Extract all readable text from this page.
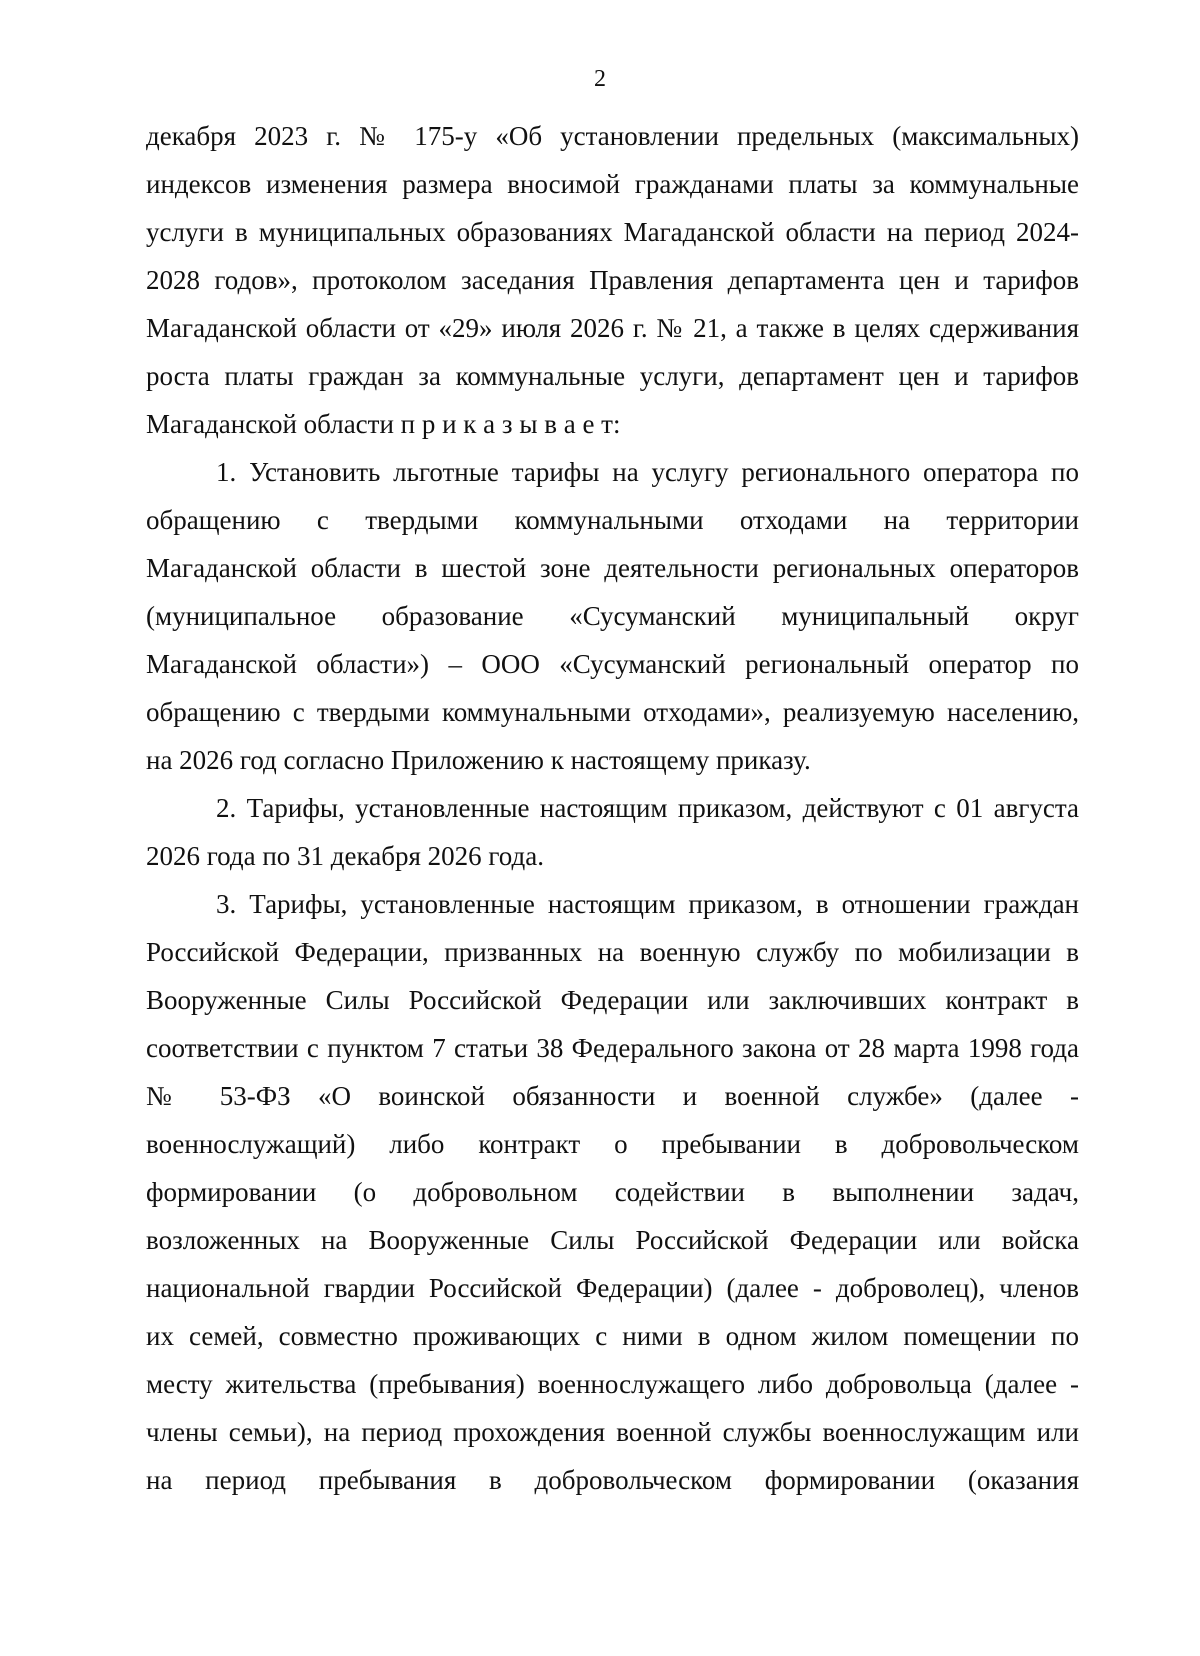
2
декабря 2023 г. № 175-у «Об установлении предельных (максимальных)
индексов изменения размера вносимой гражданами платы за коммунальные
услуги в муниципальных образованиях Магаданской области на период 2024-
2028 годов», протоколом заседания Правления департамента цен и тарифов
Магаданской области от «29» июля 2026 г. № 21, а также в целях сдерживания
роста платы граждан за коммунальные услуги, департамент цен и тарифов
Магаданской области п р и к а з ы в а е т:
1. Установить льготные тарифы на услугу регионального оператора по
обращению с твердыми коммунальными отходами на территории
Магаданской области в шестой зоне деятельности региональных операторов
(муниципальное образование «Сусуманский муниципальный округ
Магаданской области») – ООО «Сусуманский региональный оператор по
обращению с твердыми коммунальными отходами», реализуемую населению,
на 2026 год согласно Приложению к настоящему приказу.
2. Тарифы, установленные настоящим приказом, действуют с 01 августа
2026 года по 31 декабря 2026 года.
3. Тарифы, установленные настоящим приказом, в отношении граждан
Российской Федерации, призванных на военную службу по мобилизации в
Вооруженные Силы Российской Федерации или заключивших контракт в
соответствии с пунктом 7 статьи 38 Федерального закона от 28 марта 1998 года
№ 53-ФЗ «О воинской обязанности и военной службе» (далее -
военнослужащий) либо контракт о пребывании в добровольческом
формировании (о добровольном содействии в выполнении задач,
возложенных на Вооруженные Силы Российской Федерации или войска
национальной гвардии Российской Федерации) (далее - доброволец), членов
их семей, совместно проживающих с ними в одном жилом помещении по
месту жительства (пребывания) военнослужащего либо добровольца (далее -
члены семьи), на период прохождения военной службы военнослужащим или
на период пребывания в добровольческом формировании (оказания
